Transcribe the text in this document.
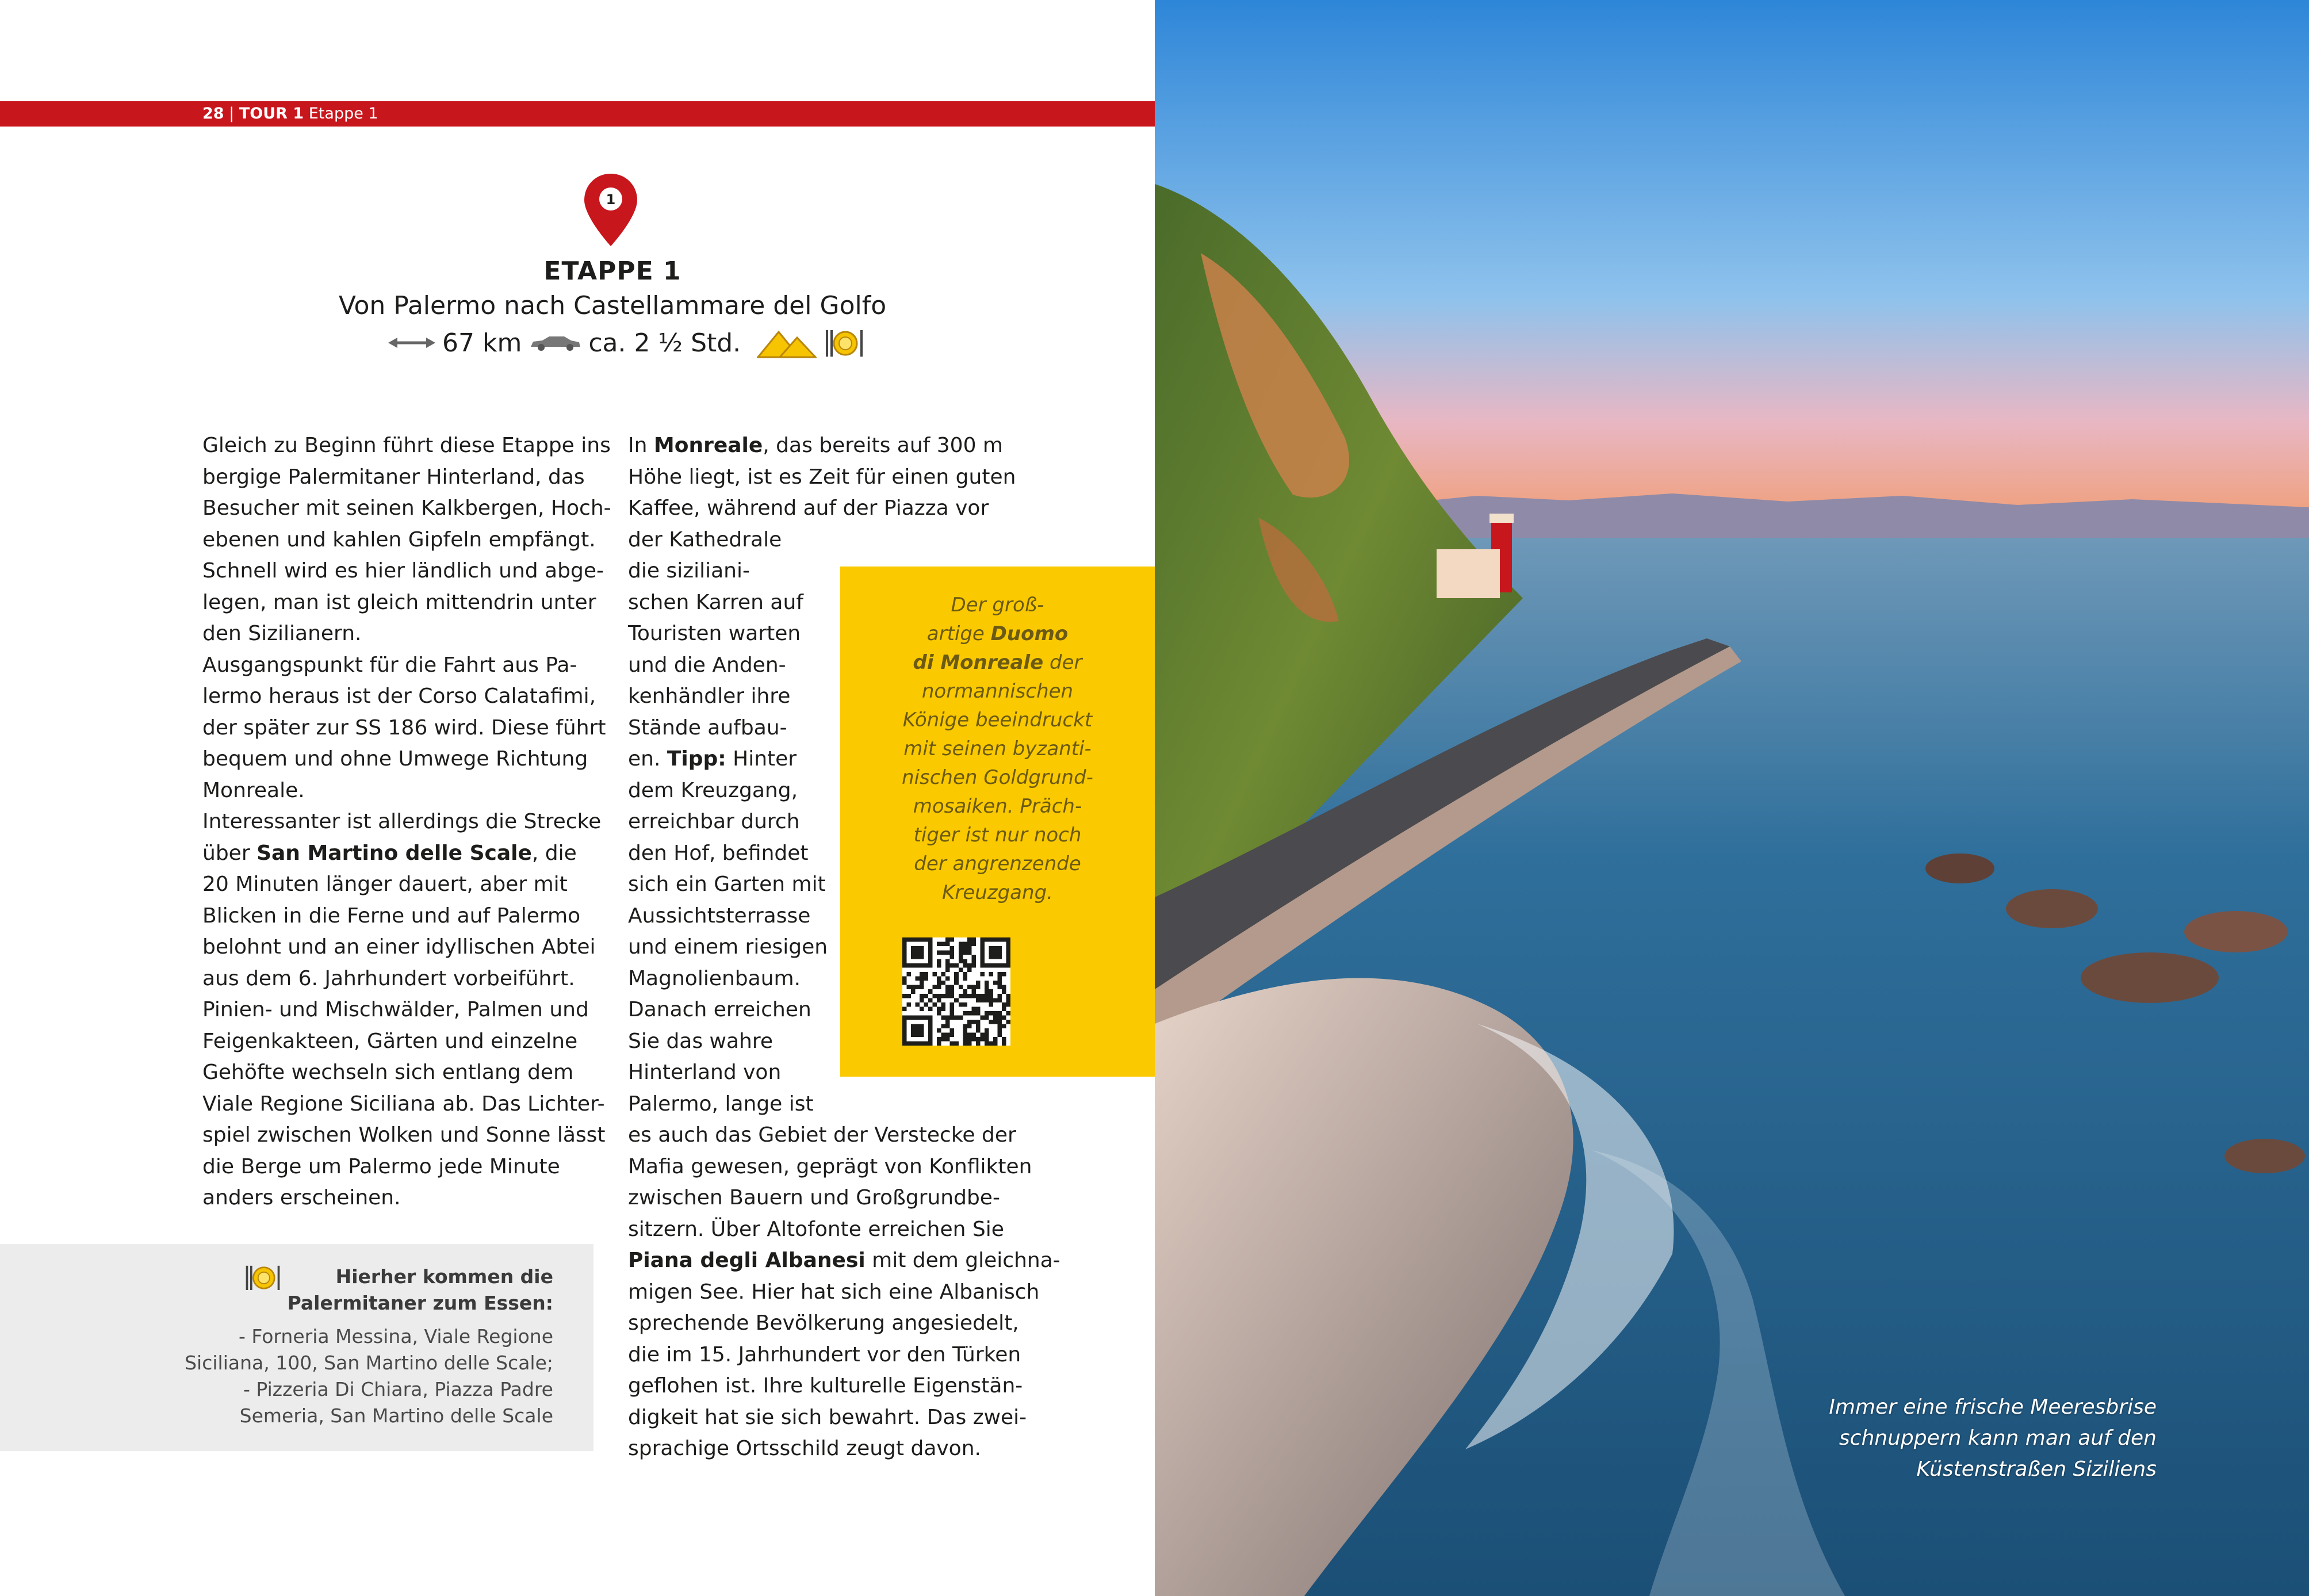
28 | TOUR 1 Etappe 1
1
ETAPPE 1
Von Palermo nach Castellammare del Golfo
67 km	ca. 2 ½ Std.
Gleich zu Beginn führt diese Etappe ins
bergige Palermitaner Hinterland, das
Besucher mit seinen Kalkbergen, Hoch-
ebenen und kahlen Gipfeln empfängt.
Schnell wird es hier ländlich und abge-
legen, man ist gleich mittendrin unter
den Sizilianern.
Ausgangspunkt für die Fahrt aus Pa-
lermo heraus ist der Corso Calatafimi,
der später zur SS 186 wird. Diese führt
bequem und ohne Umwege Richtung
Monreale.
Interessanter ist allerdings die Strecke
über San Martino delle Scale, die
20 Minuten länger dauert, aber mit
Blicken in die Ferne und auf Palermo
belohnt und an einer idyllischen Abtei
aus dem 6. Jahrhundert vorbeiführt.
Pinien- und Mischwälder, Palmen und
Feigenkakteen, Gärten und einzelne
Gehöfte wechseln sich entlang dem
Viale Regione Siciliana ab. Das Lichter-
spiel zwischen Wolken und Sonne lässt
die Berge um Palermo jede Minute
anders erscheinen.
In Monreale, das bereits auf 300 m
Höhe liegt, ist es Zeit für einen guten
Kaffee, während auf der Piazza vor
der Kathedrale
die siziliani-
schen Karren auf
Touristen warten
und die Anden-
kenhändler ihre
Stände aufbau-
en. Tipp: Hinter
dem Kreuzgang,
erreichbar durch
den Hof, befindet
sich ein Garten mit
Aussichtsterrasse
und einem riesigen
Magnolienbaum.
Danach erreichen
Sie das wahre
Hinterland von
Palermo, lange ist
es auch das Gebiet der Verstecke der
Mafia gewesen, geprägt von Konflikten
zwischen Bauern und Großgrundbe-
sitzern. Über Altofonte erreichen Sie
Piana degli Albanesi mit dem gleichna-
migen See. Hier hat sich eine Albanisch
sprechende Bevölkerung angesiedelt,
die im 15. Jahrhundert vor den Türken
geflohen ist. Ihre kulturelle Eigenstän-
digkeit hat sie sich bewahrt. Das zwei-
sprachige Ortsschild zeugt davon.
Der groß-
artige Duomo
di Monreale der
normannischen
Könige beeindruckt
mit seinen byzanti-
nischen Goldgrund-
mosaiken. Präch-
tiger ist nur noch
der angrenzende
Kreuzgang.
Hierher kommen die
Palermitaner zum Essen:
- Forneria Messina, Viale Regione
Siciliana, 100, San Martino delle Scale;
- Pizzeria Di Chiara, Piazza Padre
Semeria, San Martino delle Scale	Immer eine frische Meeresbrise
schnuppern kann man auf den
Küstenstraßen Siziliens
